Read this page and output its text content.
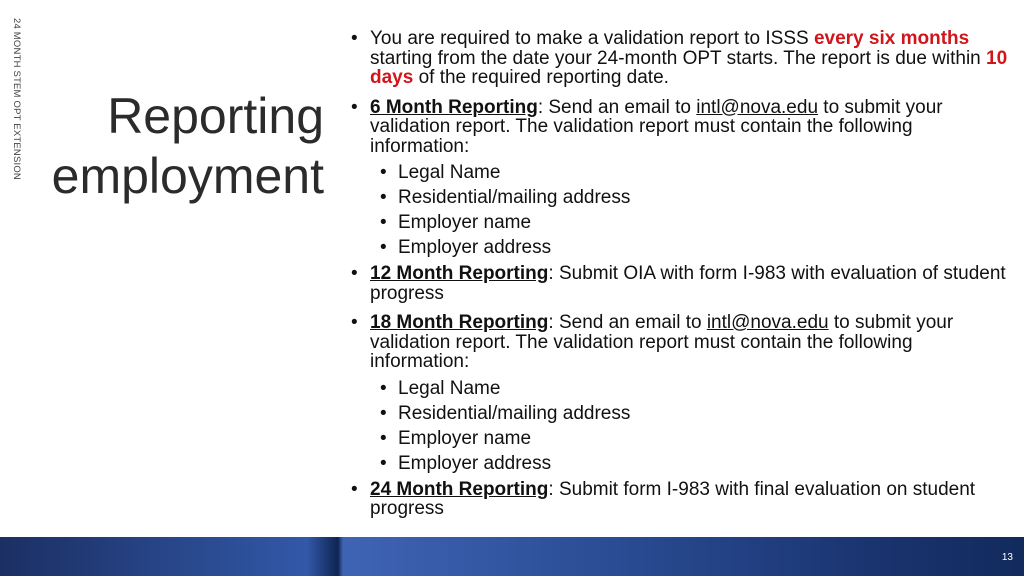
24 MONTH STEM OPT EXTENSION	Reporting
employment
• You are required to make a validation report to ISSS every six months starting from the date your 24-month OPT starts. The report is due within 10 days of the required reporting date.
• 6 Month Reporting: Send an email to intl@nova.edu to submit your validation report. The validation report must contain the following information:
• Legal Name
• Residential/mailing address
• Employer name
• Employer address
• 12 Month Reporting: Submit OIA with form I-983 with evaluation of student progress
• 18 Month Reporting: Send an email to intl@nova.edu to submit your validation report. The validation report must contain the following information:
• Legal Name
• Residential/mailing address
• Employer name
• Employer address
• 24 Month Reporting: Submit form I-983 with final evaluation on student progress
13
